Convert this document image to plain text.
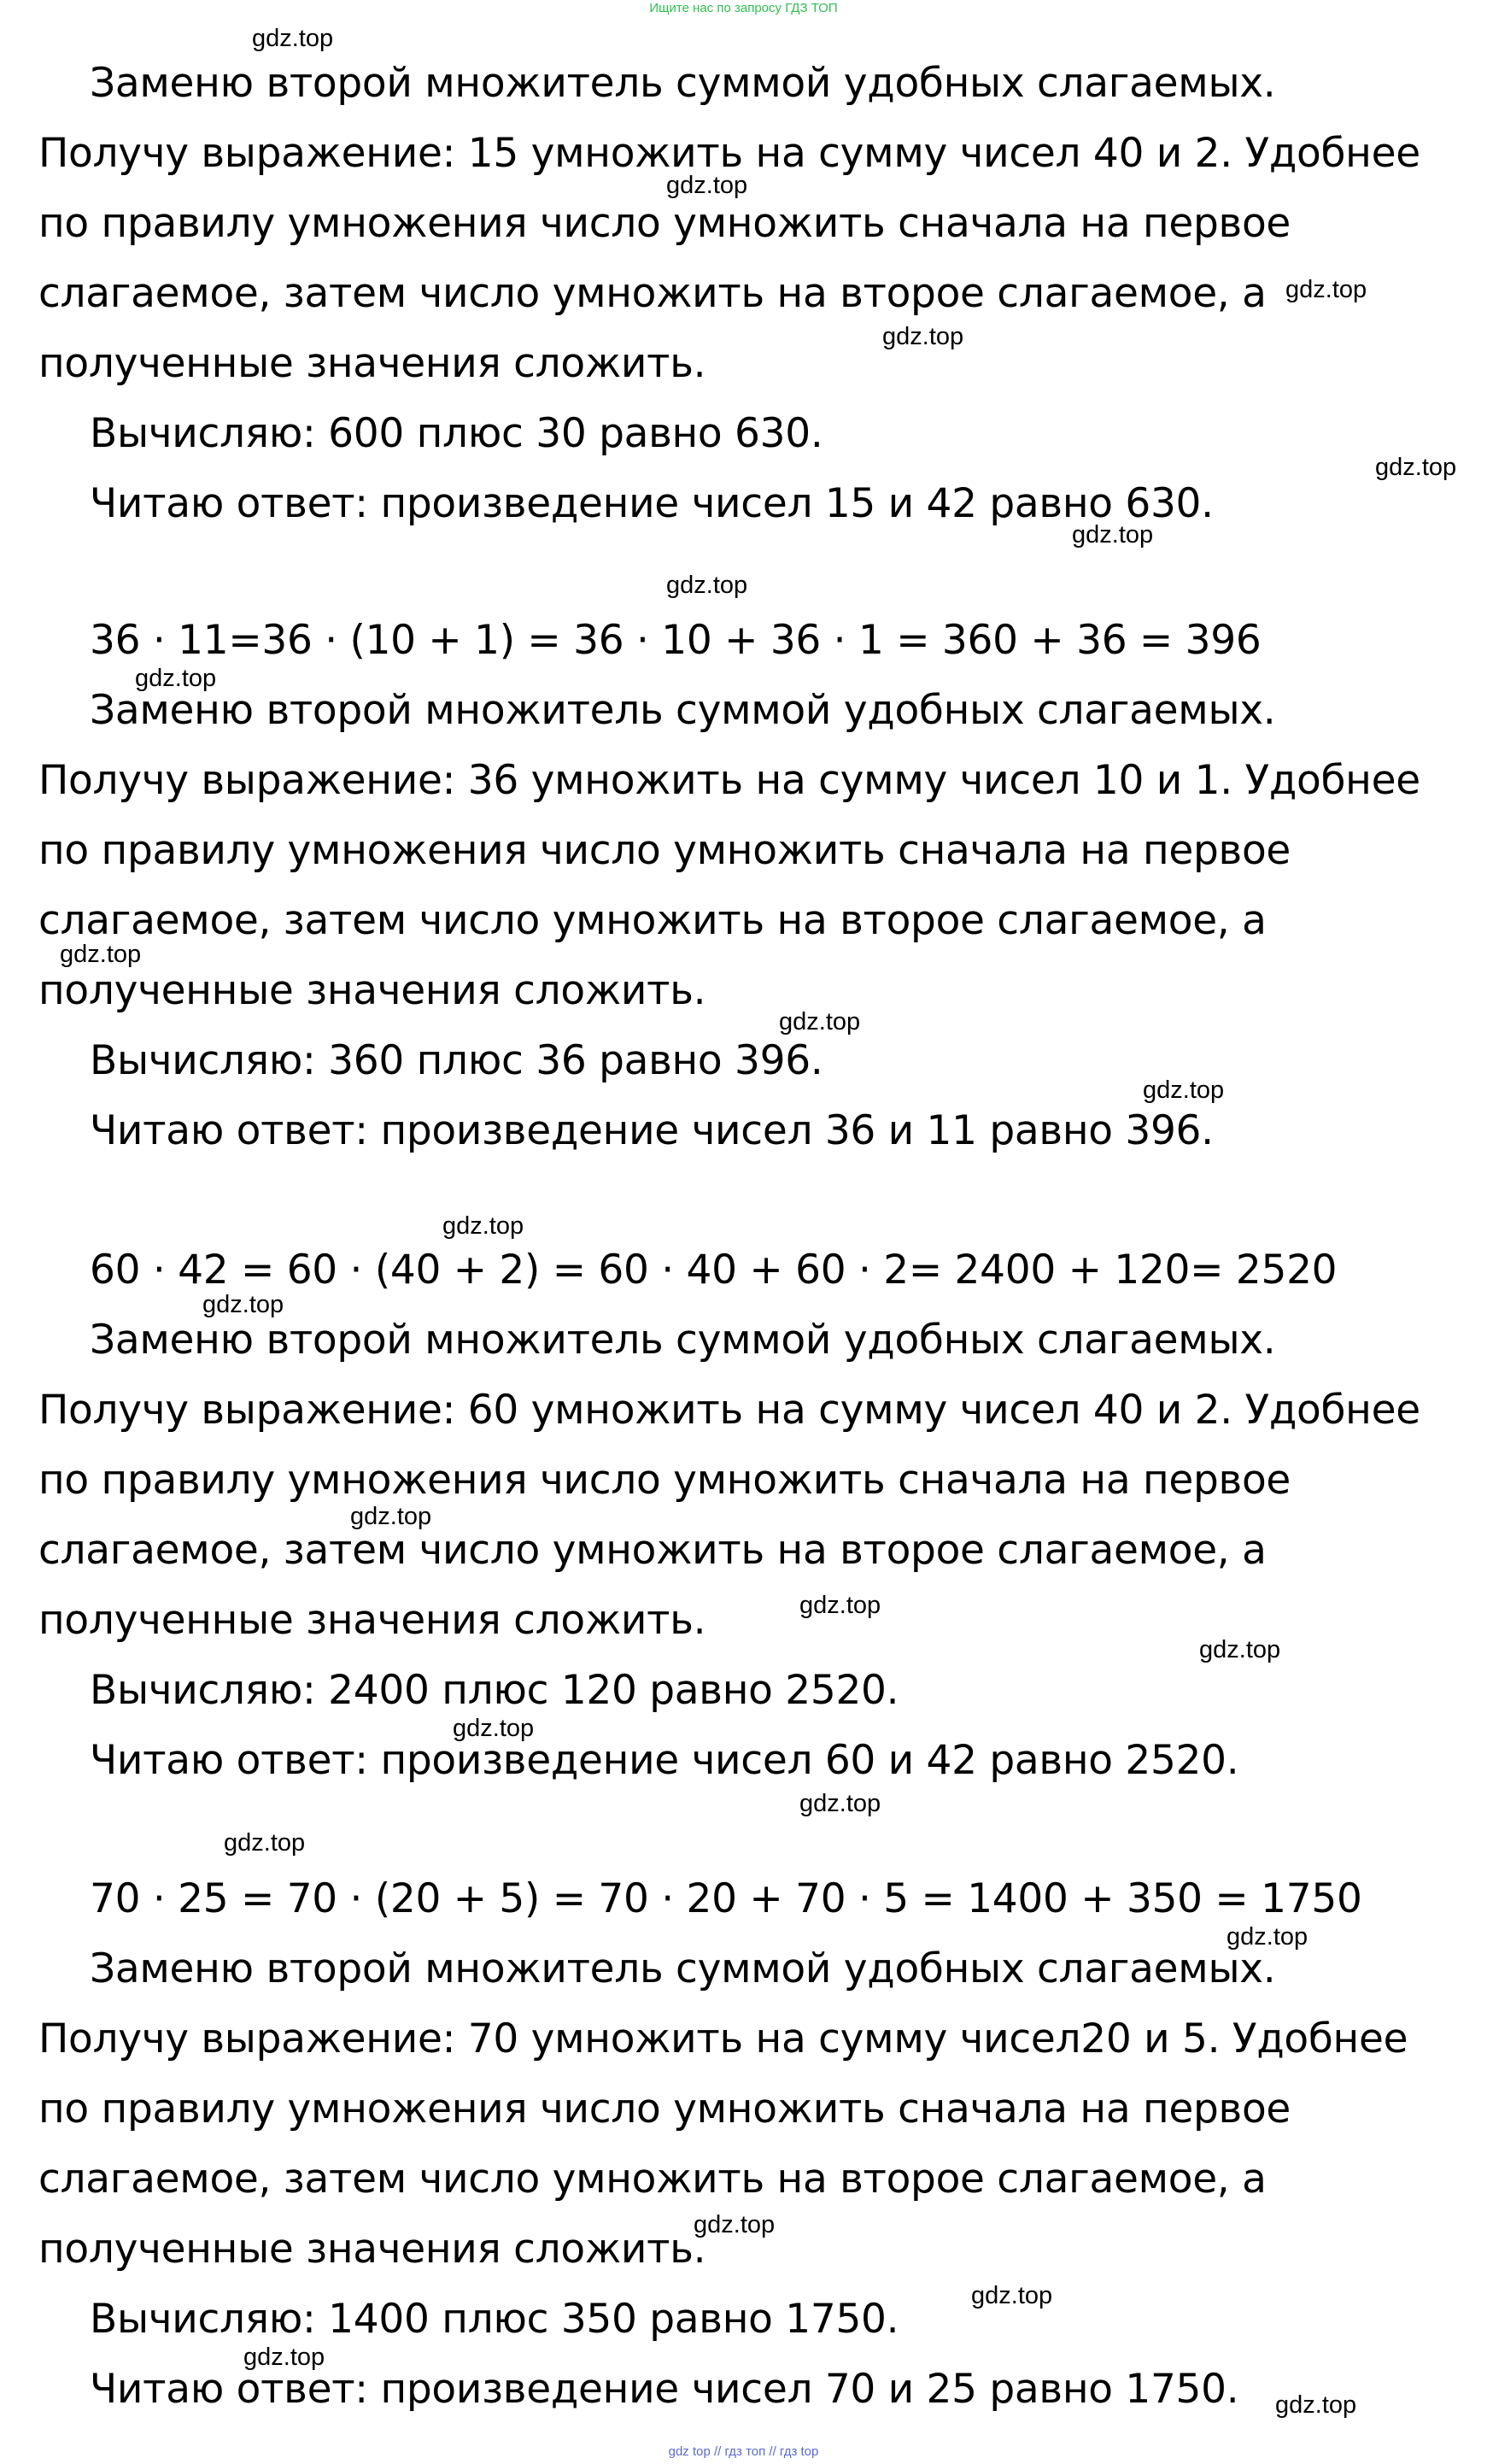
Ищите нас по запросу ГДЗ ТОП
Заменю второй множитель суммой удобных слагаемых.
Получу выражение: 15 умножить на сумму чисел 40 и 2. Удобнее
по правилу умножения число умножить сначала на первое
слагаемое, затем число умножить на второе слагаемое, а
полученные значения сложить.
Вычисляю: 600 плюс 30 равно 630.
Читаю ответ: произведение чисел 15 и 42 равно 630.
36 · 11=36 · (10 + 1) = 36 · 10 + 36 · 1 = 360 + 36 = 396
Заменю второй множитель суммой удобных слагаемых.
Получу выражение: 36 умножить на сумму чисел 10 и 1. Удобнее
по правилу умножения число умножить сначала на первое
слагаемое, затем число умножить на второе слагаемое, а
полученные значения сложить.
Вычисляю: 360 плюс 36 равно 396.
Читаю ответ: произведение чисел 36 и 11 равно 396.
60 · 42 = 60 · (40 + 2) = 60 · 40 + 60 · 2= 2400 + 120= 2520
Заменю второй множитель суммой удобных слагаемых.
Получу выражение: 60 умножить на сумму чисел 40 и 2. Удобнее
по правилу умножения число умножить сначала на первое
слагаемое, затем число умножить на второе слагаемое, а
полученные значения сложить.
Вычисляю: 2400 плюс 120 равно 2520.
Читаю ответ: произведение чисел 60 и 42 равно 2520.
70 · 25 = 70 · (20 + 5) = 70 · 20 + 70 · 5 = 1400 + 350 = 1750
Заменю второй множитель суммой удобных слагаемых.
Получу выражение: 70 умножить на сумму чисел20 и 5. Удобнее
по правилу умножения число умножить сначала на первое
слагаемое, затем число умножить на второе слагаемое, а
полученные значения сложить.
Вычисляю: 1400 плюс 350 равно 1750.
Читаю ответ: произведение чисел 70 и 25 равно 1750.
gdz.top
gdz.top
gdz.top
gdz.top
gdz.top
gdz.top
gdz.top
gdz.top
gdz.top
gdz.top
gdz.top
gdz.top
gdz.top
gdz.top
gdz.top
gdz.top
gdz.top
gdz.top
gdz.top
gdz.top
gdz.top
gdz.top
gdz.top
gdz.top
gdz top // гдз топ // гдз top
